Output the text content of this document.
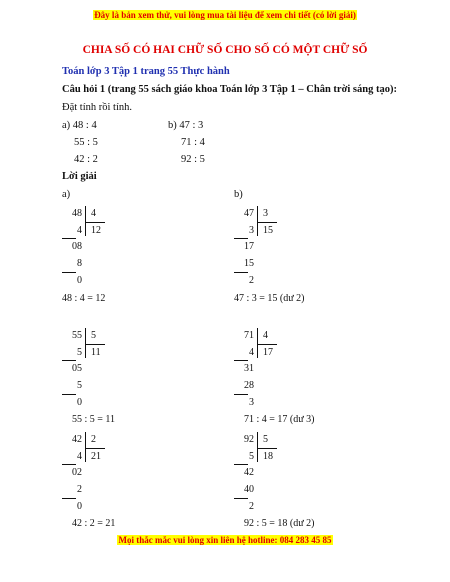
Đây là bản xem thử, vui lòng mua tài liệu để xem chi tiết (có lời giải)
CHIA SỐ CÓ HAI CHỮ SỐ CHO SỐ CÓ MỘT CHỮ SỐ
Toán lớp 3 Tập 1 trang 55 Thực hành
Câu hỏi 1 (trang 55 sách giáo khoa Toán lớp 3 Tập 1 – Chân trời sáng tạo):
Đặt tính rồi tính.
a) 48 : 4
55 : 5
42 : 2
b) 47 : 3
71 : 4
92 : 5
Lời giải
a)	b)
48
4
08
8
0
4
12
48 : 4 = 12
47
3
17
15
2
3
15
47 : 3 = 15 (dư 2)
55
5
05
5
0
5
11
55 : 5 = 11
71
4
31
28
3
4
17
71 : 4 = 17 (dư 3)
42
4
02
2
0
2
21
42 : 2 = 21
92
5
42
40
2
5
18
92 : 5 = 18 (dư 2)
Mọi thắc mắc vui lòng xin liên hệ hotline: 084 283 45 85
